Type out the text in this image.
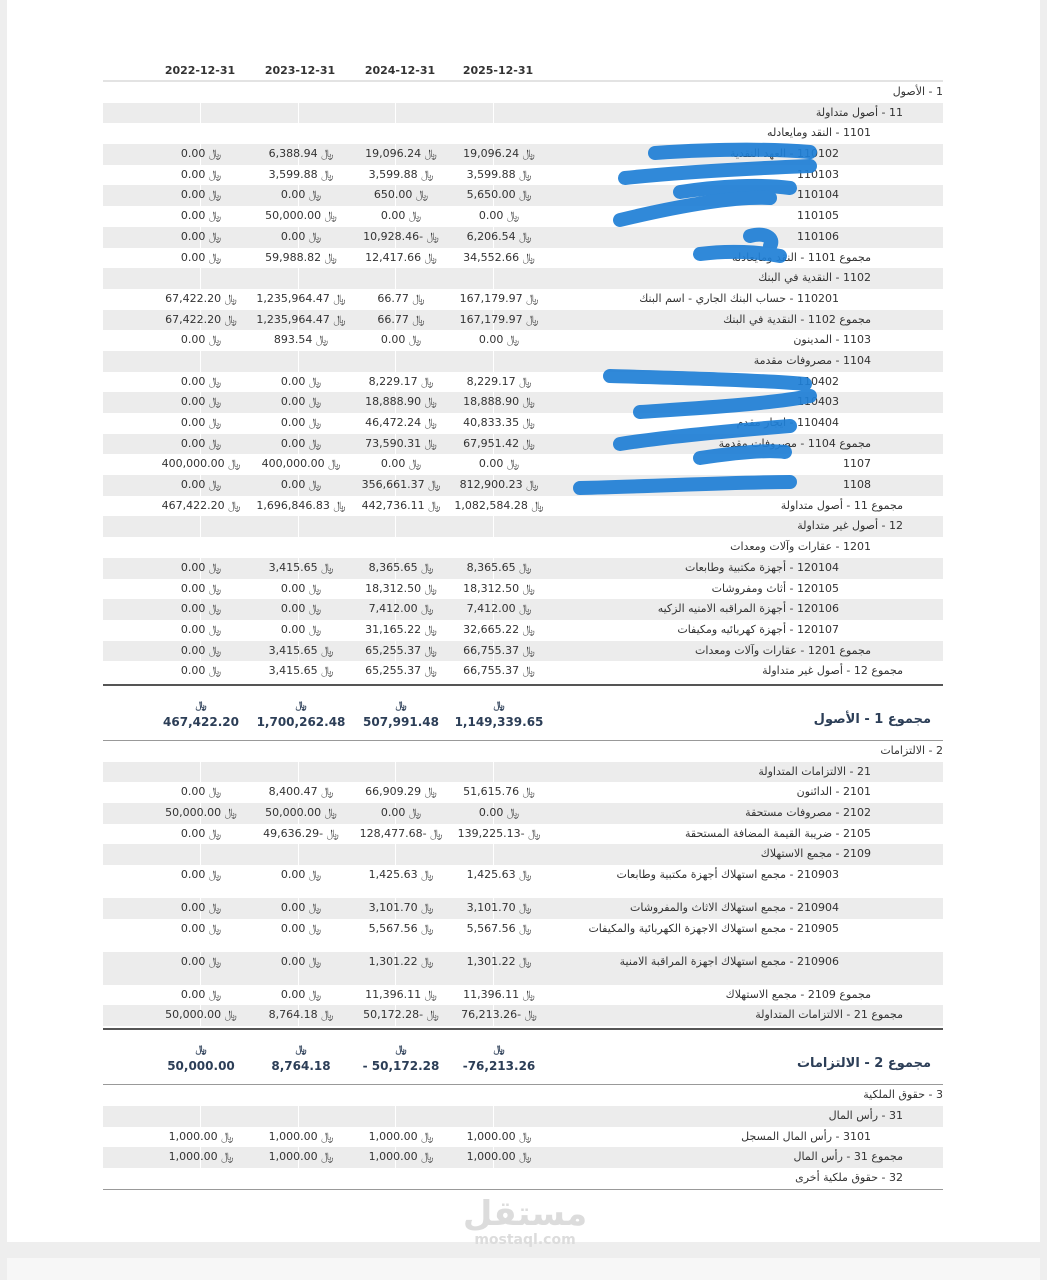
2025-12-31
2024-12-31
2023-12-31
2022-12-31
1 - الأصول
11 - أصول متداولة
1101 - النقد ومايعادله
110102 - العهد النقدية
﷼ 19,096.24
﷼ 19,096.24
﷼ 6,388.94
﷼ 0.00
110103
﷼ 3,599.88
﷼ 3,599.88
﷼ 3,599.88
﷼ 0.00
110104
﷼ 5,650.00
﷼ 650.00
﷼ 0.00
﷼ 0.00
110105
﷼ 0.00
﷼ 0.00
﷼ 50,000.00
﷼ 0.00
110106
﷼ 6,206.54
﷼ -10,928.46
﷼ 0.00
﷼ 0.00
مجموع 1101 - النقد ومايعادله
﷼ 34,552.66
﷼ 12,417.66
﷼ 59,988.82
﷼ 0.00
1102 - النقدية في البنك
110201 - حساب البنك الجاري - اسم البنك
﷼ 167,179.97
﷼ 66.77
﷼ 1,235,964.47
﷼ 67,422.20
مجموع 1102 - النقدية في البنك
﷼ 167,179.97
﷼ 66.77
﷼ 1,235,964.47
﷼ 67,422.20
1103 - المدينون
﷼ 0.00
﷼ 0.00
﷼ 893.54
﷼ 0.00
1104 - مصروفات مقدمة
110402
﷼ 8,229.17
﷼ 8,229.17
﷼ 0.00
﷼ 0.00
110403
﷼ 18,888.90
﷼ 18,888.90
﷼ 0.00
﷼ 0.00
110404 - ايجار مقدم
﷼ 40,833.35
﷼ 46,472.24
﷼ 0.00
﷼ 0.00
مجموع 1104 - مصروفات مقدمة
﷼ 67,951.42
﷼ 73,590.31
﷼ 0.00
﷼ 0.00
1107
﷼ 0.00
﷼ 0.00
﷼ 400,000.00
﷼ 400,000.00
1108
﷼ 812,900.23
﷼ 356,661.37
﷼ 0.00
﷼ 0.00
مجموع 11 - أصول متداولة
﷼ 1,082,584.28
﷼ 442,736.11
﷼ 1,696,846.83
﷼ 467,422.20
12 - أصول غير متداولة
1201 - عقارات وآلات ومعدات
120104 - أجهزة مكتبية وطابعات
﷼ 8,365.65
﷼ 8,365.65
﷼ 3,415.65
﷼ 0.00
120105 - أثاث ومفروشات
﷼ 18,312.50
﷼ 18,312.50
﷼ 0.00
﷼ 0.00
120106 - أجهزة المراقبه الامنيه الزكيه
﷼ 7,412.00
﷼ 7,412.00
﷼ 0.00
﷼ 0.00
120107 - أجهزة كهربائيه ومكيفات
﷼ 32,665.22
﷼ 31,165.22
﷼ 0.00
﷼ 0.00
مجموع 1201 - عقارات وآلات ومعدات
﷼ 66,755.37
﷼ 65,255.37
﷼ 3,415.65
﷼ 0.00
مجموع 12 - أصول غير متداولة
﷼ 66,755.37
﷼ 65,255.37
﷼ 3,415.65
﷼ 0.00
مجموع 1 - الأصول
﷼
1,149,339.65
﷼
507,991.48
﷼
1,700,262.48
﷼
467,422.20
2 - الالتزامات
21 - الالتزامات المتداولة
2101 - الدائنون
﷼ 51,615.76
﷼ 66,909.29
﷼ 8,400.47
﷼ 0.00
2102 - مصروفات مستحقة
﷼ 0.00
﷼ 0.00
﷼ 50,000.00
﷼ 50,000.00
2105 - ضريبة القيمة المضافة المستحقة
﷼ -139,225.13
﷼ -128,477.68
﷼ -49,636.29
﷼ 0.00
2109 - مجمع الاستهلاك
210903 - مجمع استهلاك أجهزة مكتبية وطابعات
﷼ 1,425.63
﷼ 1,425.63
﷼ 0.00
﷼ 0.00
210904 - مجمع استهلاك الاثاث والمفروشات
﷼ 3,101.70
﷼ 3,101.70
﷼ 0.00
﷼ 0.00
210905 - مجمع استهلاك الاجهزة الكهربائية والمكيفات
﷼ 5,567.56
﷼ 5,567.56
﷼ 0.00
﷼ 0.00
210906 - مجمع استهلاك اجهزة المراقبة الامنية
﷼ 1,301.22
﷼ 1,301.22
﷼ 0.00
﷼ 0.00
مجموع 2109 - مجمع الاستهلاك
﷼ 11,396.11
﷼ 11,396.11
﷼ 0.00
﷼ 0.00
مجموع 21 - الالتزامات المتداولة
﷼ -76,213.26
﷼ -50,172.28
﷼ 8,764.18
﷼ 50,000.00
مجموع 2 - الالتزامات
﷼
-76,213.26
﷼
- 50,172.28
﷼
8,764.18
﷼
50,000.00
3 - حقوق الملكية
31 - رأس المال
3101 - رأس المال المسجل
﷼ 1,000.00
﷼ 1,000.00
﷼ 1,000.00
﷼ 1,000.00
مجموع 31 - رأس المال
﷼ 1,000.00
﷼ 1,000.00
﷼ 1,000.00
﷼ 1,000.00
32 - حقوق ملكية أخرى
مستقل
mostaql.com
